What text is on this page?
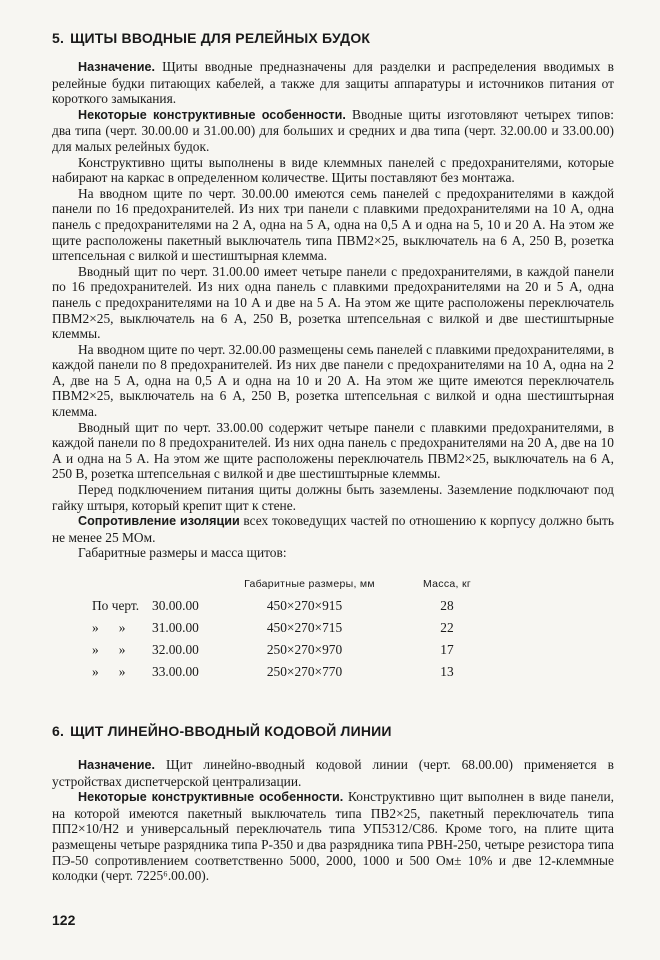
5. ЩИТЫ ВВОДНЫЕ ДЛЯ РЕЛЕЙНЫХ БУДОК

Назначение. Щиты вводные предназначены для разделки и распределения вводимых в релейные будки питающих кабелей, а также для защиты аппаратуры и источников питания от короткого замыкания.

Некоторые конструктивные особенности. Вводные щиты изготовляют четырех типов: два типа (черт. 30.00.00 и 31.00.00) для больших и средних и два типа (черт. 32.00.00 и 33.00.00) для малых релейных будок.

Конструктивно щиты выполнены в виде клеммных панелей с предохранителями, которые набирают на каркас в определенном количестве. Щиты поставляют без монтажа.

На вводном щите по черт. 30.00.00 имеются семь панелей с предохранителями в каждой панели по 16 предохранителей. Из них три панели с плавкими предохранителями на 10 А, одна панель с предохранителями на 2 А, одна на 5 А, одна на 0,5 А и одна на 5, 10 и 20 А. На этом же щите расположены пакетный выключатель типа ПВМ2×25, выключатель на 6 А, 250 В, розетка штепсельная с вилкой и шестиштырная клемма.

Вводный щит по черт. 31.00.00 имеет четыре панели с предохранителями, в каждой панели по 16 предохранителей. Из них одна панель с плавкими предохранителями на 20 и 5 А, одна панель с предохранителями на 10 А и две на 5 А. На этом же щите расположены переключатель ПВМ2×25, выключатель на 6 А, 250 В, розетка штепсельная с вилкой и две шестиштырные клеммы.

На вводном щите по черт. 32.00.00 размещены семь панелей с плавкими предохранителями, в каждой панели по 8 предохранителей. Из них две панели с предохранителями на 10 А, одна на 2 А, две на 5 А, одна на 0,5 А и одна на 10 и 20 А. На этом же щите имеются переключатель ПВМ2×25, выключатель на 6 А, 250 В, розетка штепсельная с вилкой и одна шестиштырная клемма.

Вводный щит по черт. 33.00.00 содержит четыре панели с плавкими предохранителями, в каждой панели по 8 предохранителей. Из них одна панель с предохранителями на 20 А, две на 10 А и одна на 5 А. На этом же щите расположены переключатель ПВМ2×25, выключатель на 6 А, 250 В, розетка штепсельная с вилкой и две шестиштырные клеммы.

Перед подключением питания щиты должны быть заземлены. Заземление подключают под гайку штыря, который крепит щит к стене.

Сопротивление изоляции всех токоведущих частей по отношению к корпусу должно быть не менее 25 МОм.

Габаритные размеры и масса щитов:

Габаритные размеры, мм	Масса, кг
По черт. 30.00.00	450×270×915	28
»      »	31.00.00	450×270×715	22
»      »	32.00.00	250×270×970	17
»      »	33.00.00	250×270×770	13
6. ЩИТ ЛИНЕЙНО-ВВОДНЫЙ КОДОВОЙ ЛИНИИ

Назначение. Щит линейно-вводный кодовой линии (черт. 68.00.00) применяется в устройствах диспетчерской централизации.

Некоторые конструктивные особенности. Конструктивно щит выполнен в виде панели, на которой имеются пакетный выключатель типа ПВ2×25, пакетный переключатель типа ПП2×10/Н2 и универсальный переключатель типа УП5312/С86. Кроме того, на плите щита размещены четыре разрядника типа Р-350 и два разрядника типа РВН-250, четыре резистора типа ПЭ-50 сопротивлением соответственно 5000, 2000, 1000 и 500 Ом± 10% и две 12-клеммные колодки (черт. 7225⁶.00.00).

122
